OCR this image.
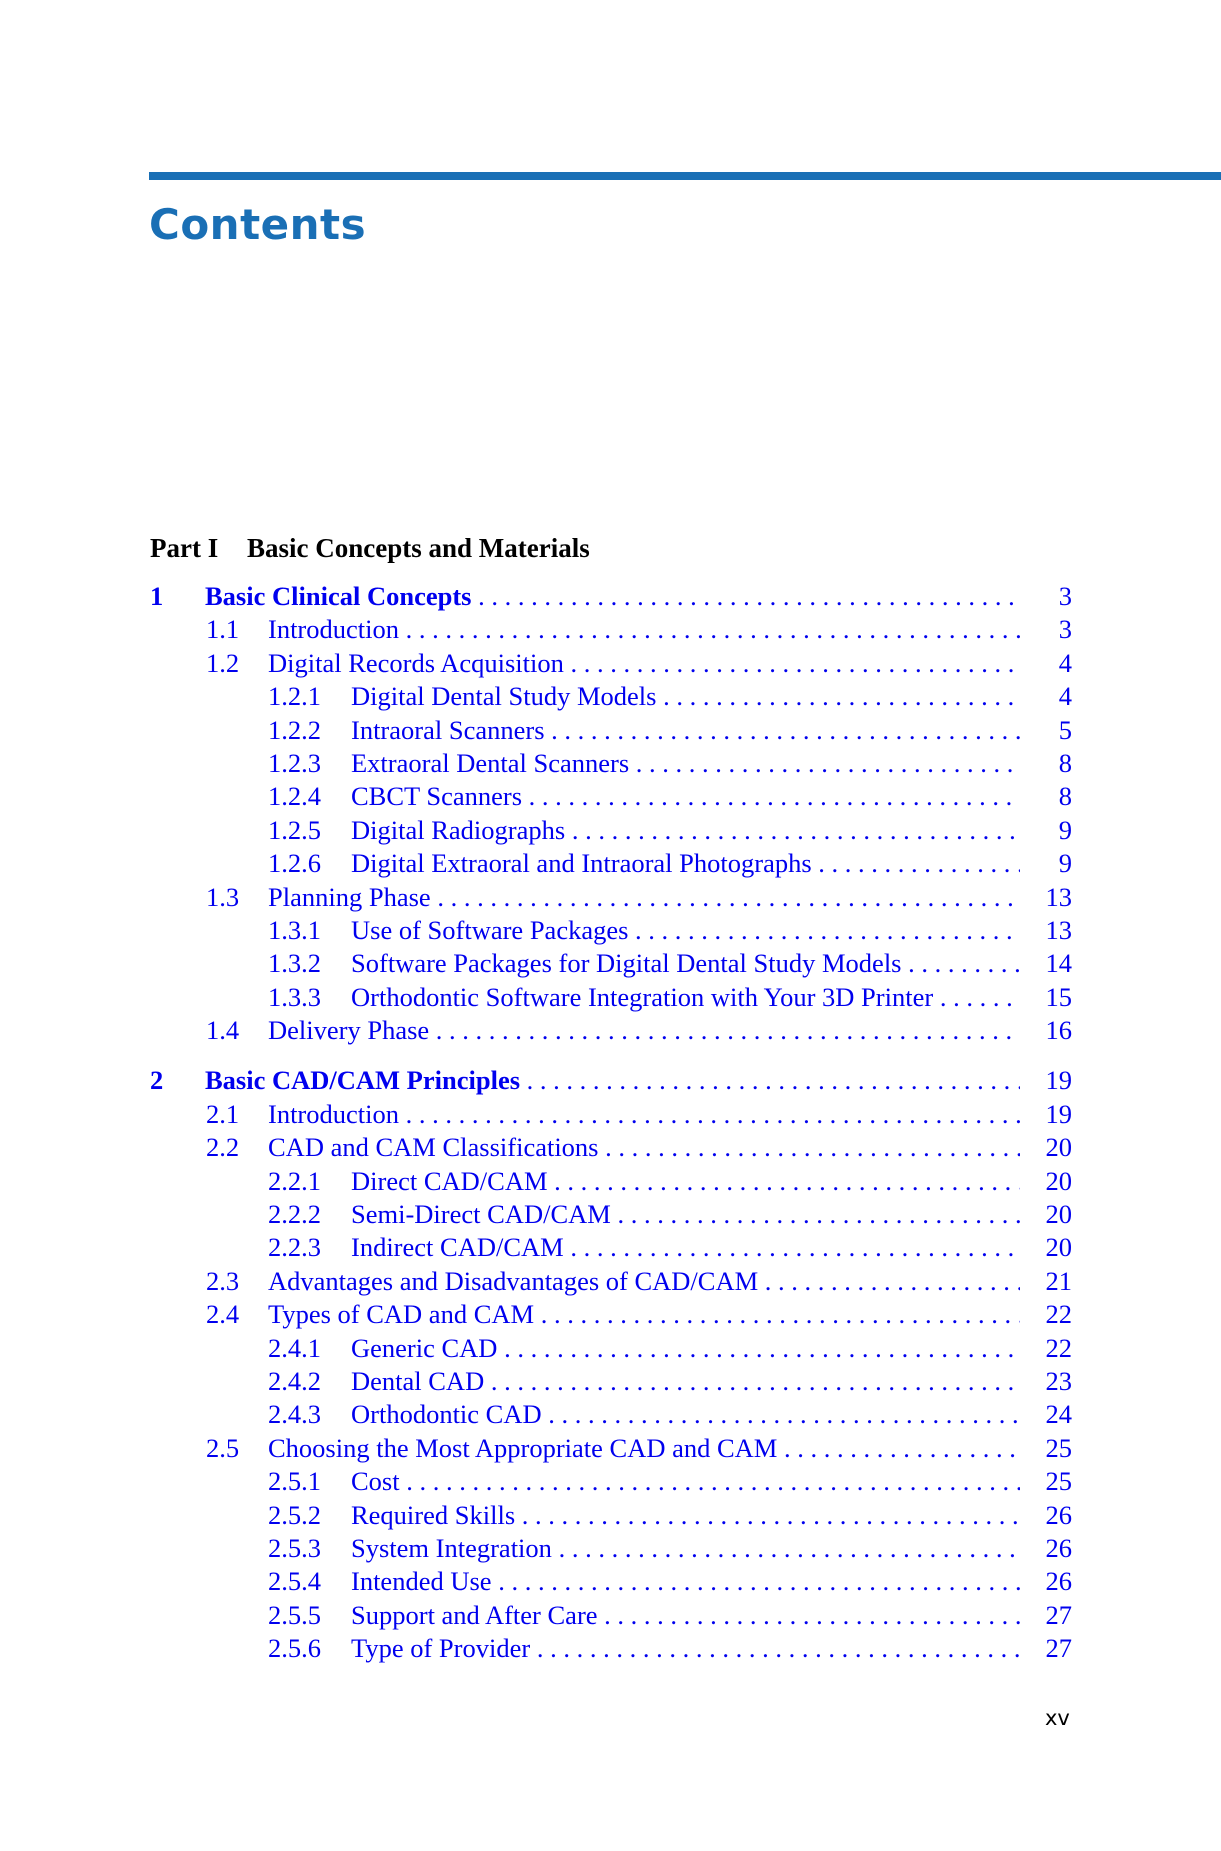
Contents
Part I Basic Concepts and Materials
1 Basic Clinical Concepts . . .	3
1.1 Introduction . . .	3
1.2 Digital Records Acquisition . . .	4
1.2.1 Digital Dental Study Models . . .	4
1.2.2 Intraoral Scanners . . .	5
1.2.3 Extraoral Dental Scanners . . .	8
1.2.4 CBCT Scanners . . .	8
1.2.5 Digital Radiographs . . .	9
1.2.6 Digital Extraoral and Intraoral Photographs . . .	9
1.3 Planning Phase . . .	13
1.3.1 Use of Software Packages . . .	13
1.3.2 Software Packages for Digital Dental Study Models . . .	14
1.3.3 Orthodontic Software Integration with Your 3D Printer . . .	15
1.4 Delivery Phase . . .	16
2 Basic CAD/CAM Principles . . .	19
2.1 Introduction . . .	19
2.2 CAD and CAM Classifications . . .	20
2.2.1 Direct CAD/CAM . . .	20
2.2.2 Semi-Direct CAD/CAM . . .	20
2.2.3 Indirect CAD/CAM . . .	20
2.3 Advantages and Disadvantages of CAD/CAM . . .	21
2.4 Types of CAD and CAM . . .	22
2.4.1 Generic CAD . . .	22
2.4.2 Dental CAD . . .	23
2.4.3 Orthodontic CAD . . .	24
2.5 Choosing the Most Appropriate CAD and CAM . . .	25
2.5.1 Cost . . .	25
2.5.2 Required Skills . . .	26
2.5.3 System Integration . . .	26
2.5.4 Intended Use . . .	26
2.5.5 Support and After Care . . .	27
2.5.6 Type of Provider . . .	27
xv
